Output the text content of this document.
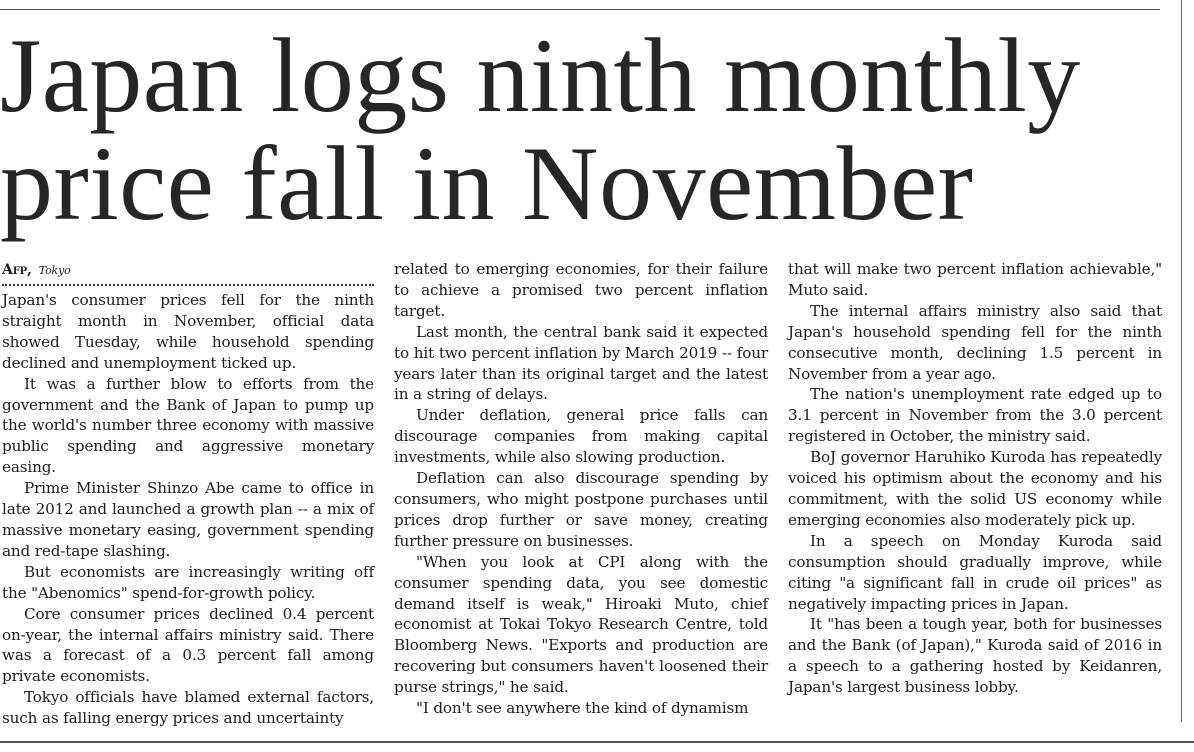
Japan logs ninth monthly
price fall in November
Afp, Tokyo

Japan's consumer prices fell for the ninth straight month in November, official data showed Tuesday, while household spending declined and unemployment ticked up.

It was a further blow to efforts from the government and the Bank of Japan to pump up the world's number three economy with massive public spending and aggressive monetary easing.

Prime Minister Shinzo Abe came to office in late 2012 and launched a growth plan -- a mix of massive monetary easing, government spending and red-tape slashing.

But economists are increasingly writing off the "Abenomics" spend-for-growth policy.

Core consumer prices declined 0.4 percent on-year, the internal affairs ministry said. There was a forecast of a 0.3 percent fall among private economists.

Tokyo officials have blamed external factors, such as falling energy prices and uncertainty

related to emerging economies, for their failure to achieve a promised two percent inflation target.

Last month, the central bank said it expected to hit two percent inflation by March 2019 -- four years later than its original target and the latest in a string of delays.

Under deflation, general price falls can discourage companies from making capital investments, while also slowing production.

Deflation can also discourage spending by consumers, who might postpone purchases until prices drop further or save money, creating further pressure on businesses.

"When you look at CPI along with the consumer spending data, you see domestic demand itself is weak," Hiroaki Muto, chief economist at Tokai Tokyo Research Centre, told Bloomberg News. "Exports and production are recovering but consumers haven't loosened their purse strings," he said.

"I don't see anywhere the kind of dynamism

that will make two percent inflation achievable," Muto said.

The internal affairs ministry also said that Japan's household spending fell for the ninth consecutive month, declining 1.5 percent in November from a year ago.

The nation's unemployment rate edged up to 3.1 percent in November from the 3.0 percent registered in October, the ministry said.

BoJ governor Haruhiko Kuroda has repeatedly voiced his optimism about the economy and his commitment, with the solid US economy while emerging economies also moderately pick up.

In a speech on Monday Kuroda said consumption should gradually improve, while citing "a significant fall in crude oil prices" as negatively impacting prices in Japan.

It "has been a tough year, both for businesses and the Bank (of Japan)," Kuroda said of 2016 in a speech to a gathering hosted by Keidanren, Japan's largest business lobby.
